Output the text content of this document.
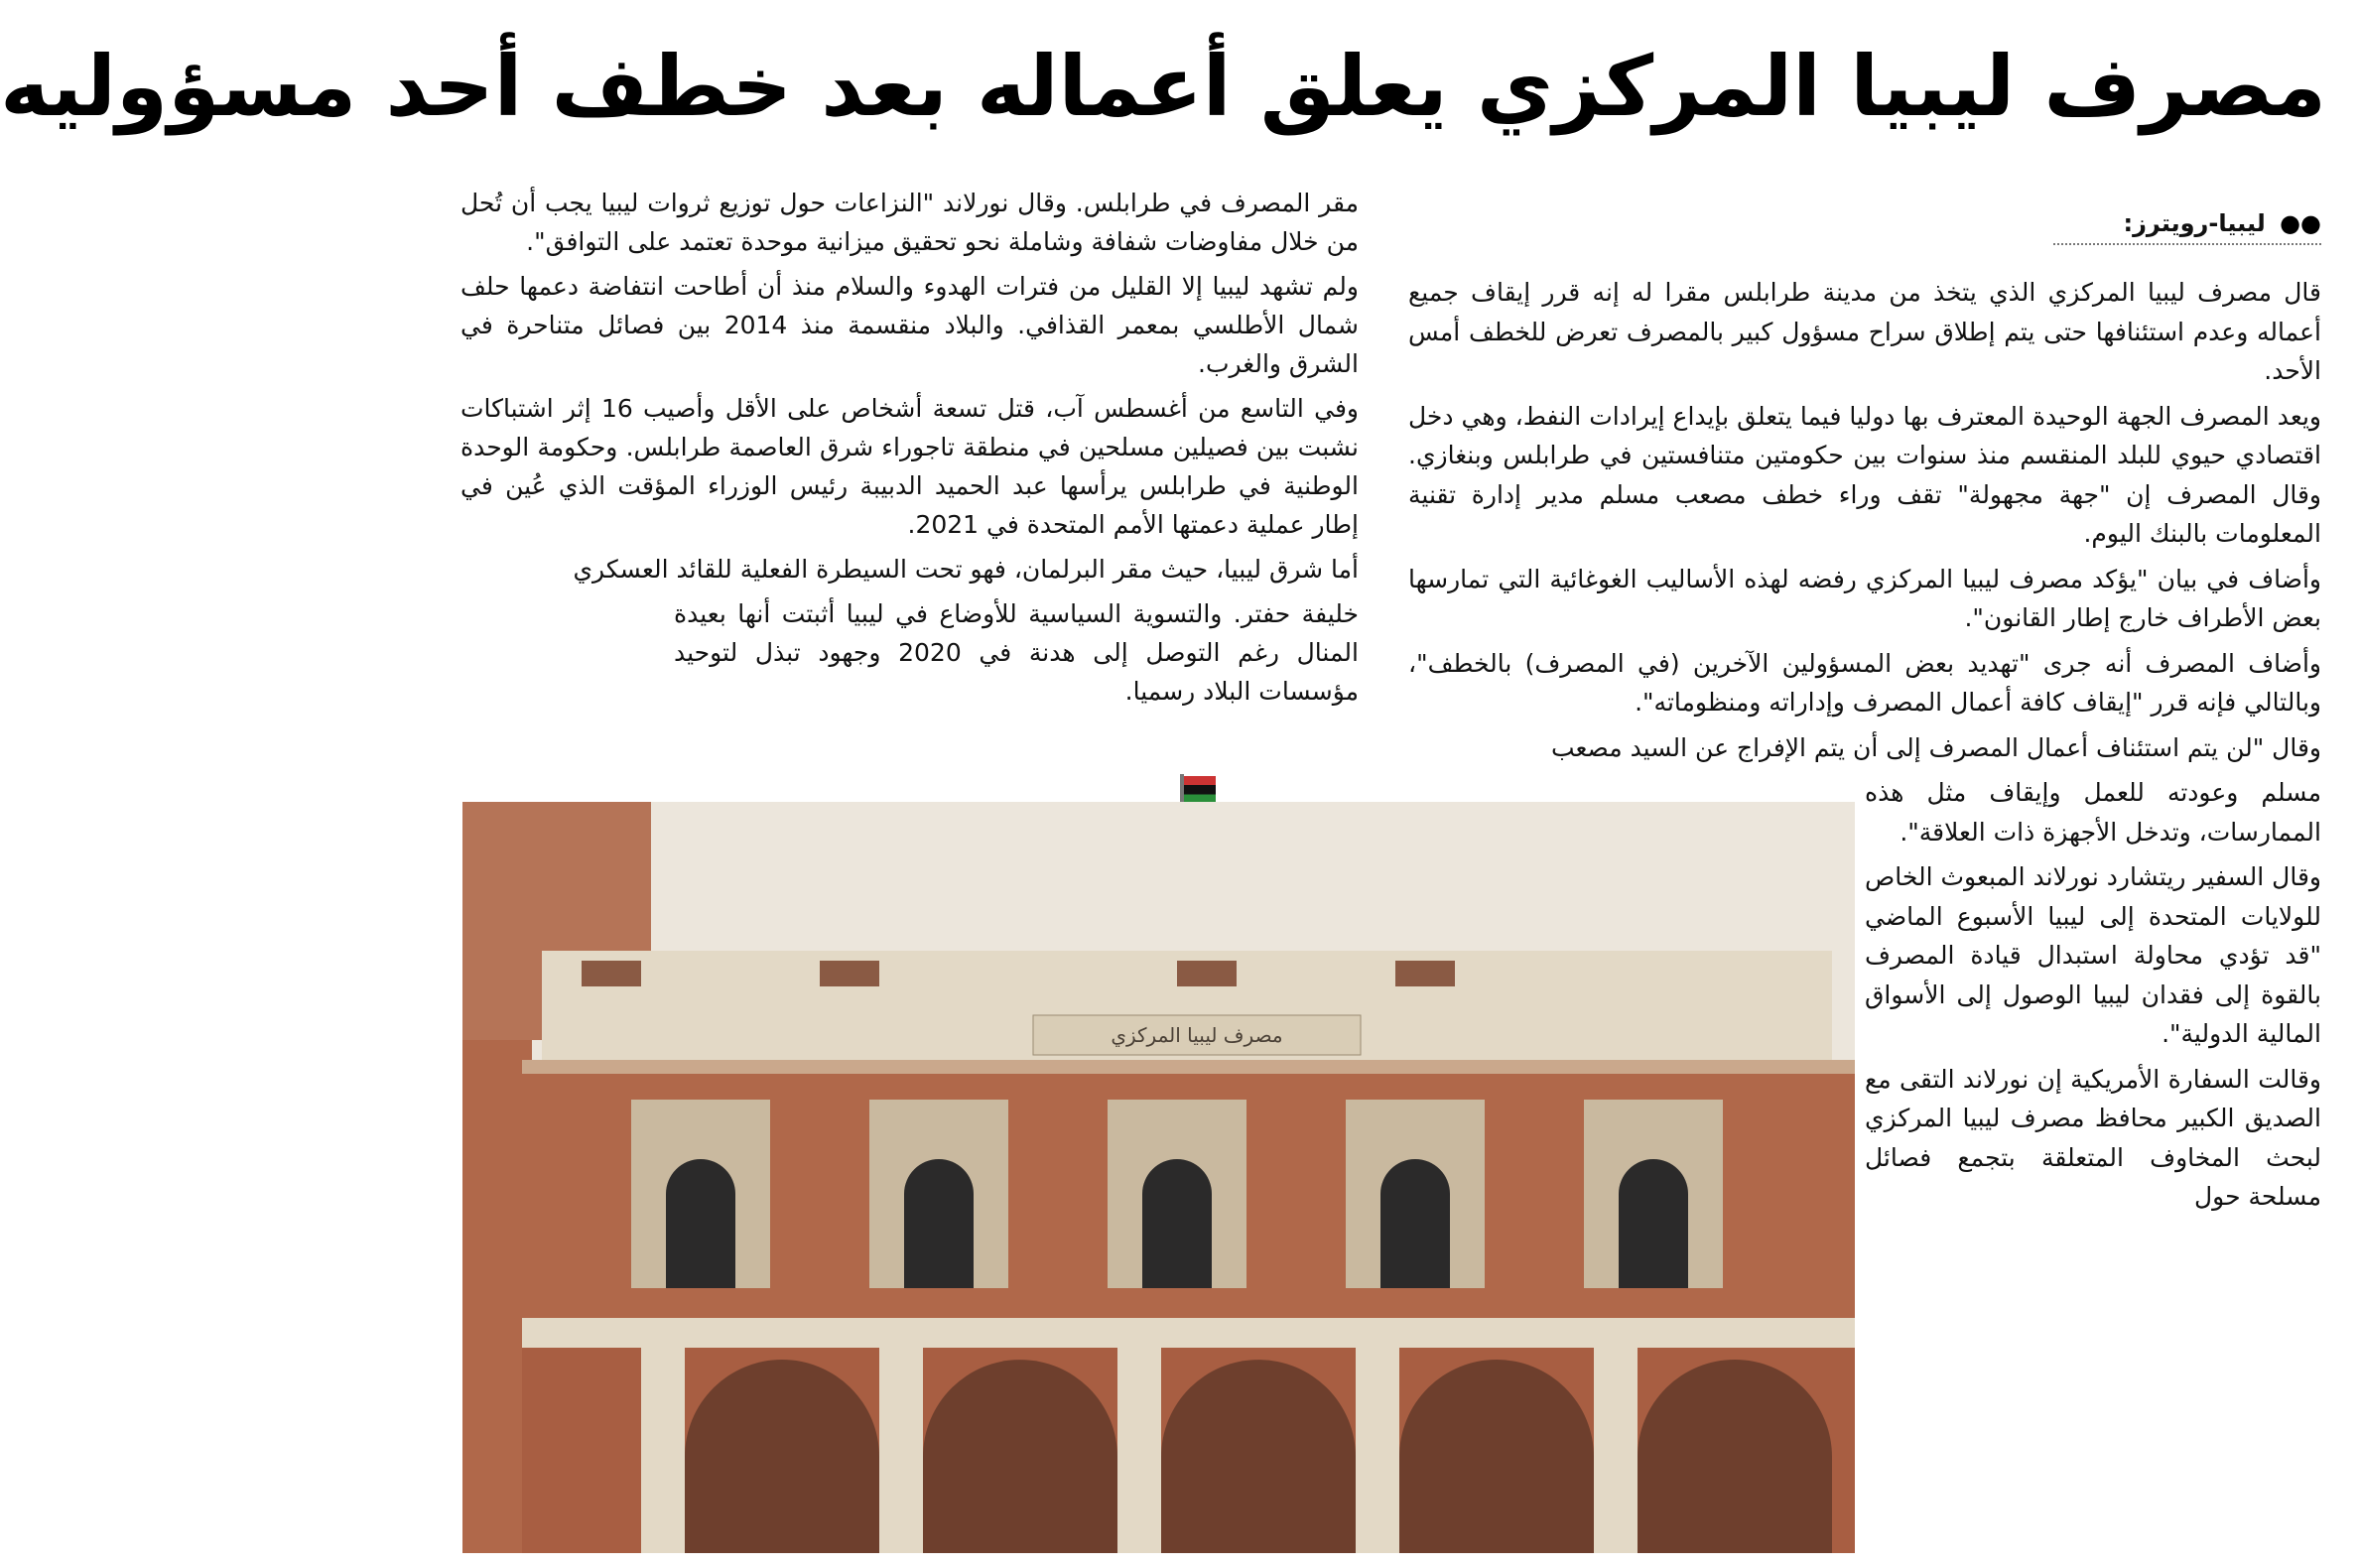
مصرف ليبيا المركزي يعلق أعماله بعد خطف أحد مسؤوليه
●● ليبيا-رويترز:

قال مصرف ليبيا المركزي الذي يتخذ من مدينة طرابلس مقرا له إنه قرر إيقاف جميع أعماله وعدم استئنافها حتى يتم إطلاق سراح مسؤول كبير بالمصرف تعرض للخطف أمس الأحد.

ويعد المصرف الجهة الوحيدة المعترف بها دوليا فيما يتعلق بإيداع إيرادات النفط، وهي دخل اقتصادي حيوي للبلد المنقسم منذ سنوات بين حكومتين متنافستين في طرابلس وبنغازي. وقال المصرف إن "جهة مجهولة" تقف وراء خطف مصعب مسلم مدير إدارة تقنية المعلومات بالبنك اليوم.

وأضاف في بيان "يؤكد مصرف ليبيا المركزي رفضه لهذه الأساليب الغوغائية التي تمارسها بعض الأطراف خارج إطار القانون".

وأضاف المصرف أنه جرى "تهديد بعض المسؤولين الآخرين (في المصرف) بالخطف"، وبالتالي فإنه قرر "إيقاف كافة أعمال المصرف وإداراته ومنظوماته".

وقال "لن يتم استئناف أعمال المصرف إلى أن يتم الإفراج عن السيد مصعب

مسلم وعودته للعمل وإيقاف مثل هذه الممارسات، وتدخل الأجهزة ذات العلاقة".

وقال السفير ريتشارد نورلاند المبعوث الخاص للولايات المتحدة إلى ليبيا الأسبوع الماضي "قد تؤدي محاولة استبدال قيادة المصرف بالقوة إلى فقدان ليبيا الوصول إلى الأسواق المالية الدولية".

وقالت السفارة الأمريكية إن نورلاند التقى مع الصديق الكبير محافظ مصرف ليبيا المركزي لبحث المخاوف المتعلقة بتجمع فصائل مسلحة حول

مقر المصرف في طرابلس. وقال نورلاند "النزاعات حول توزيع ثروات ليبيا يجب أن تُحل من خلال مفاوضات شفافة وشاملة نحو تحقيق ميزانية موحدة تعتمد على التوافق".

ولم تشهد ليبيا إلا القليل من فترات الهدوء والسلام منذ أن أطاحت انتفاضة دعمها حلف شمال الأطلسي بمعمر القذافي. والبلاد منقسمة منذ 2014 بين فصائل متناحرة في الشرق والغرب.

وفي التاسع من أغسطس آب، قتل تسعة أشخاص على الأقل وأصيب 16 إثر اشتباكات نشبت بين فصيلين مسلحين في منطقة تاجوراء شرق العاصمة طرابلس. وحكومة الوحدة الوطنية في طرابلس يرأسها عبد الحميد الدبيبة رئيس الوزراء المؤقت الذي عُين في إطار عملية دعمتها الأمم المتحدة في 2021.

أما شرق ليبيا، حيث مقر البرلمان، فهو تحت السيطرة الفعلية للقائد العسكري

خليفة حفتر. والتسوية السياسية للأوضاع في ليبيا أثبتت أنها بعيدة المنال رغم التوصل إلى هدنة في 2020 وجهود تبذل لتوحيد مؤسسات البلاد رسميا.

مصرف ليبيا المركزي
